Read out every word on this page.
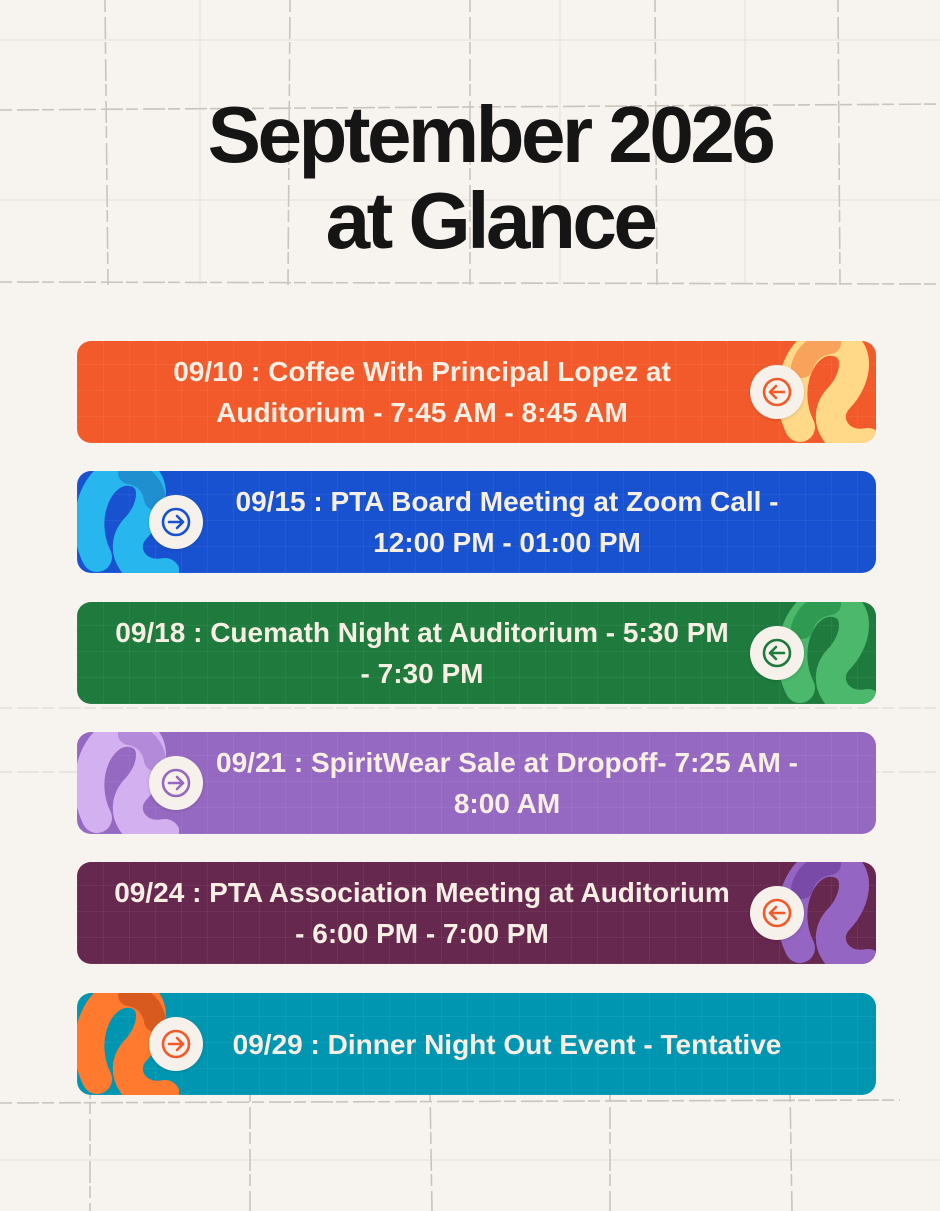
September 2026
at Glance
09/10 : Coffee With Principal Lopez at Auditorium - 7:45 AM - 8:45 AM
09/15 : PTA Board Meeting at Zoom Call - 12:00 PM - 01:00 PM
09/18 : Cuemath Night at Auditorium - 5:30 PM - 7:30 PM
09/21 : SpiritWear Sale at Dropoff- 7:25 AM - 8:00 AM
09/24 : PTA Association Meeting at Auditorium - 6:00 PM - 7:00 PM
09/29 : Dinner Night Out Event - Tentative
